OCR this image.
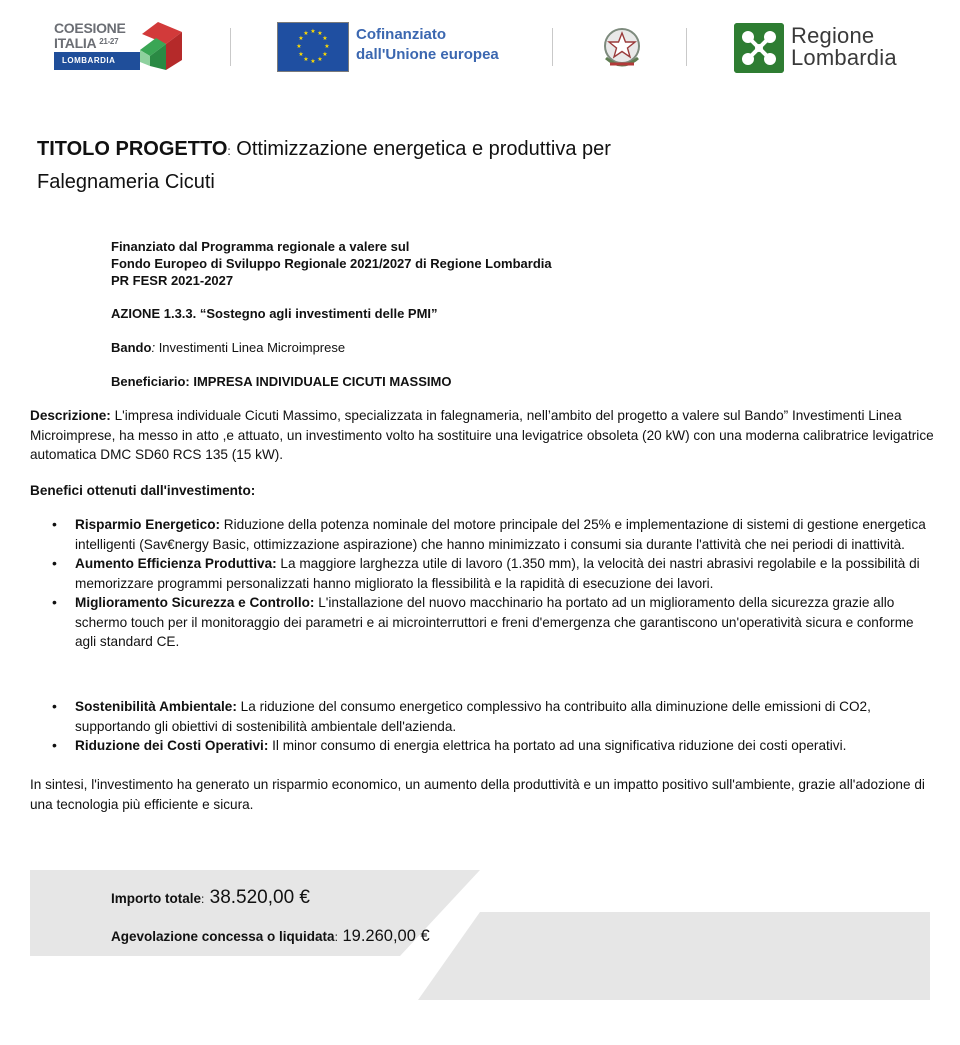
COESIONE
ITALIA $^{21-27}$
LOMBARDIA
★ ★
★
★
★
★
★
★
★
★
★
★	Cofinanziato
dall'Unione europea
Regione
Lombardia
TITOLO PROGETTO: Ottimizzazione energetica e produttiva per Falegnameria Cicuti
Finanziato dal Programma regionale a valere sul
Fondo Europeo di Sviluppo Regionale 2021/2027 di Regione Lombardia
PR FESR 2021-2027
AZIONE 1.3.3. “Sostegno agli investimenti delle PMI”
Bando: Investimenti Linea Microimprese
Beneficiario: IMPRESA INDIVIDUALE CICUTI MASSIMO
Descrizione: L'impresa individuale Cicuti Massimo, specializzata in falegnameria, nell’ambito del progetto a valere sul Bando” Investimenti Linea Microimprese, ha messo in atto ,e attuato, un investimento volto ha sostituire una levigatrice obsoleta (20 kW) con una moderna calibratrice levigatrice automatica DMC SD60 RCS 135 (15 kW).
Benefici ottenuti dall'investimento:
• Risparmio Energetico: Riduzione della potenza nominale del motore principale del 25% e implementazione di sistemi di gestione energetica intelligenti (Sav€nergy Basic, ottimizzazione aspirazione) che hanno minimizzato i consumi sia durante l'attività che nei periodi di inattività.
• Aumento Efficienza Produttiva: La maggiore larghezza utile di lavoro (1.350 mm), la velocità dei nastri abrasivi regolabile e la possibilità di memorizzare programmi personalizzati hanno migliorato la flessibilità e la rapidità di esecuzione dei lavori.
• Miglioramento Sicurezza e Controllo: L'installazione del nuovo macchinario ha portato ad un miglioramento della sicurezza grazie allo schermo touch per il monitoraggio dei parametri e ai microinterruttori e freni d'emergenza che garantiscono un'operatività sicura e conforme agli standard CE.
• Sostenibilità Ambientale: La riduzione del consumo energetico complessivo ha contribuito alla diminuzione delle emissioni di CO2, supportando gli obiettivi di sostenibilità ambientale dell'azienda.
• Riduzione dei Costi Operativi: Il minor consumo di energia elettrica ha portato ad una significativa riduzione dei costi operativi.
In sintesi, l'investimento ha generato un risparmio economico, un aumento della produttività e un impatto positivo sull'ambiente, grazie all'adozione di una tecnologia più efficiente e sicura.
Importo totale: 38.520,00 €
Agevolazione concessa o liquidata: 19.260,00 €
